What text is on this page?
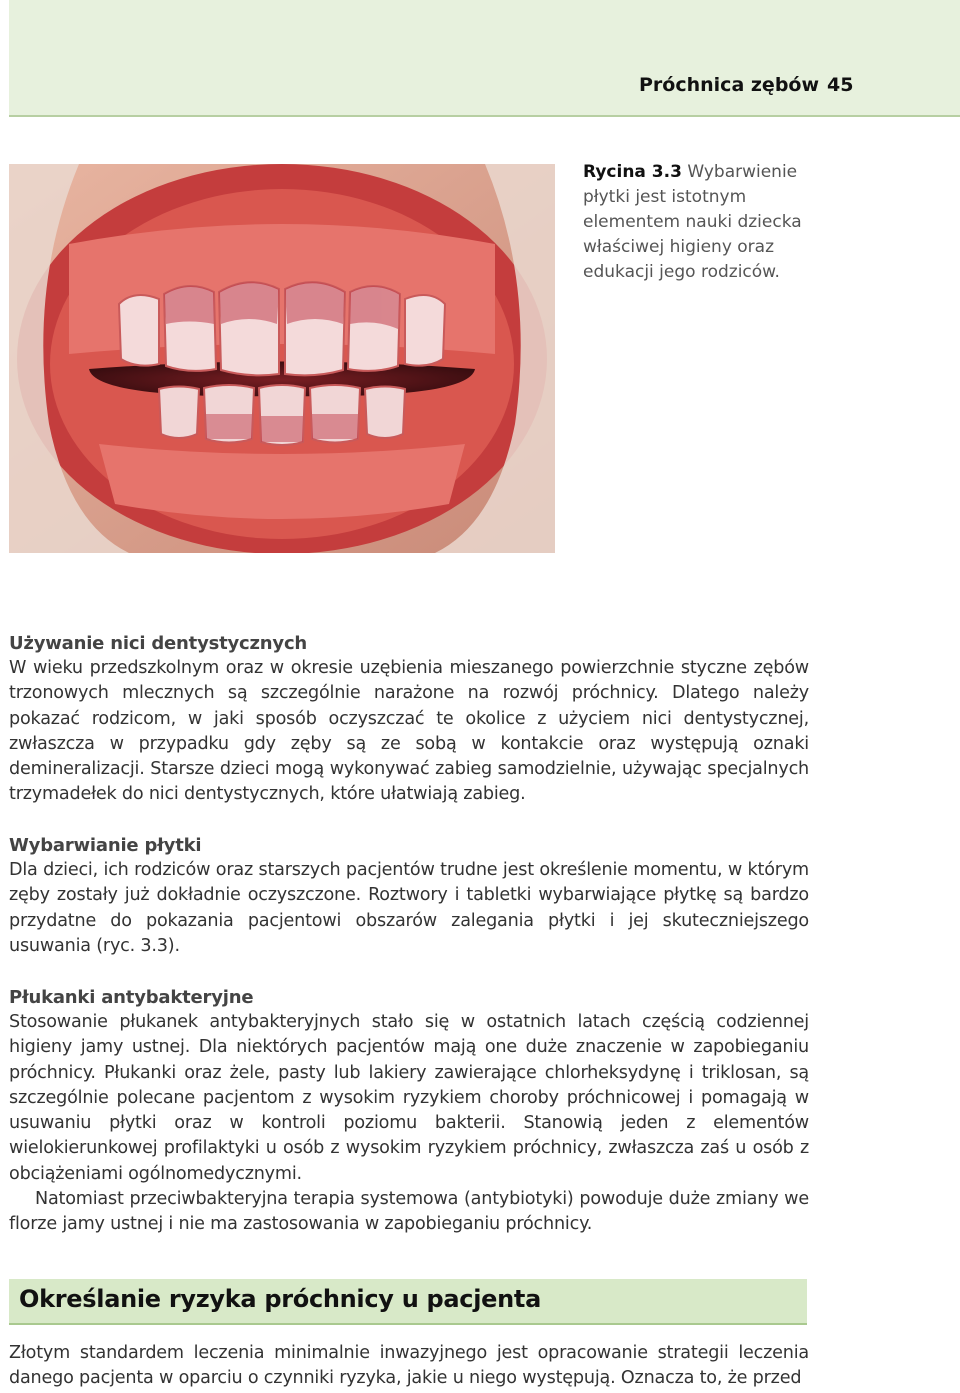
Próchnica zębów 45
Rycina 3.3 Wybarwienie płytki jest istotnym elementem nauki dziecka właściwej higieny oraz edukacji jego rodziców.
Używanie nici dentystycznych

W wieku przedszkolnym oraz w okresie uzębienia mieszanego powierzchnie styczne zębów trzonowych mlecznych są szczególnie narażone na rozwój próchnicy. Dlatego należy pokazać rodzicom, w jaki sposób oczyszczać te okolice z użyciem nici dentystycznej, zwłaszcza w przypadku gdy zęby są ze sobą w kontakcie oraz występują oznaki demineralizacji. Starsze dzieci mogą wykonywać zabieg samodzielnie, używając specjalnych trzymadełek do nici dentystycznych, które ułatwiają zabieg.

Wybarwianie płytki

Dla dzieci, ich rodziców oraz starszych pacjentów trudne jest określenie momentu, w którym zęby zostały już dokładnie oczyszczone. Roztwory i tabletki wybarwiające płytkę są bardzo przydatne do pokazania pacjentowi obszarów zalegania płytki i jej skuteczniejszego usuwania (ryc. 3.3).

Płukanki antybakteryjne

Stosowanie płukanek antybakteryjnych stało się w ostatnich latach częścią codziennej higieny jamy ustnej. Dla niektórych pacjentów mają one duże znaczenie w zapobieganiu próchnicy. Płukanki oraz żele, pasty lub lakiery zawierające chlorheksydynę i triklosan, są szczególnie polecane pacjentom z wysokim ryzykiem choroby próchnicowej i pomagają w usuwaniu płytki oraz w kontroli poziomu bakterii. Stanowią jeden z elementów wielokierunkowej profilaktyki u osób z wysokim ryzykiem próchnicy, zwłaszcza zaś u osób z obciążeniami ogólnomedycznymi.

Natomiast przeciwbakteryjna terapia systemowa (antybiotyki) powoduje duże zmiany we florze jamy ustnej i nie ma zastosowania w zapobieganiu próchnicy.

Określanie ryzyka próchnicy u pacjenta

Złotym standardem leczenia minimalnie inwazyjnego jest opracowanie strategii leczenia danego pacjenta w oparciu o czynniki ryzyka, jakie u niego występują. Oznacza to, że przed
